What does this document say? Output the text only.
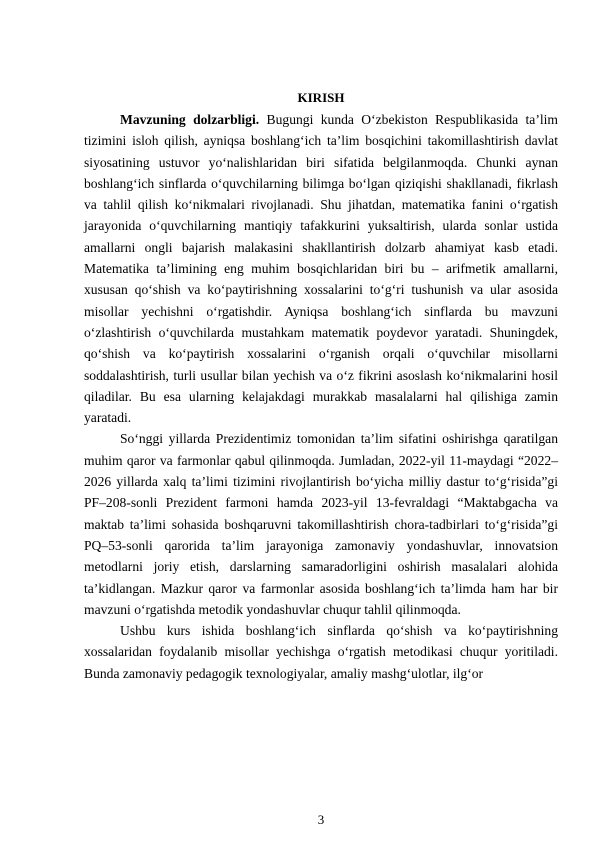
KIRISH

Mavzuning dolzarbligi. Bugungi kunda O‘zbekiston Respublikasida ta’lim tizimini isloh qilish, ayniqsa boshlang‘ich ta’lim bosqichini takomillashtirish davlat siyosatining ustuvor yo‘nalishlaridan biri sifatida belgilanmoqda. Chunki aynan boshlang‘ich sinflarda o‘quvchilarning bilimga bo‘lgan qiziqishi shakllanadi, fikrlash va tahlil qilish ko‘nikmalari rivojlanadi. Shu jihatdan, matematika fanini o‘rgatish jarayonida o‘quvchilarning mantiqiy tafakkurini yuksaltirish, ularda sonlar ustida amallarni ongli bajarish malakasini shakllantirish dolzarb ahamiyat kasb etadi. Matematika ta’limining eng muhim bosqichlaridan biri bu – arifmetik amallarni, xususan qo‘shish va ko‘paytirishning xossalarini to‘g‘ri tushunish va ular asosida misollar yechishni o‘rgatishdir. Ayniqsa boshlang‘ich sinflarda bu mavzuni o‘zlashtirish o‘quvchilarda mustahkam matematik poydevor yaratadi. Shuningdek, qo‘shish va ko‘paytirish xossalarini o‘rganish orqali o‘quvchilar misollarni soddalashtirish, turli usullar bilan yechish va o‘z fikrini asoslash ko‘nikmalarini hosil qiladilar. Bu esa ularning kelajakdagi murakkab masalalarni hal qilishiga zamin yaratadi.

So‘nggi yillarda Prezidentimiz tomonidan ta’lim sifatini oshirishga qaratilgan muhim qaror va farmonlar qabul qilinmoqda. Jumladan, 2022-yil 11-maydagi “2022–2026 yillarda xalq ta’limi tizimini rivojlantirish bo‘yicha milliy dastur to‘g‘risida”gi PF–208-sonli Prezident farmoni hamda 2023-yil 13-fevraldagi “Maktabgacha va maktab ta’limi sohasida boshqaruvni takomillashtirish chora-tadbirlari to‘g‘risida”gi PQ–53-sonli qarorida ta’lim jarayoniga zamonaviy yondashuvlar, innovatsion metodlarni joriy etish, darslarning samaradorligini oshirish masalalari alohida ta’kidlangan. Mazkur qaror va farmonlar asosida boshlang‘ich ta’limda ham har bir mavzuni o‘rgatishda metodik yondashuvlar chuqur tahlil qilinmoqda.

Ushbu kurs ishida boshlang‘ich sinflarda qo‘shish va ko‘paytirishning xossalaridan foydalanib misollar yechishga o‘rgatish metodikasi chuqur yoritiladi. Bunda zamonaviy pedagogik texnologiyalar, amaliy mashg‘ulotlar, ilg‘or

3
